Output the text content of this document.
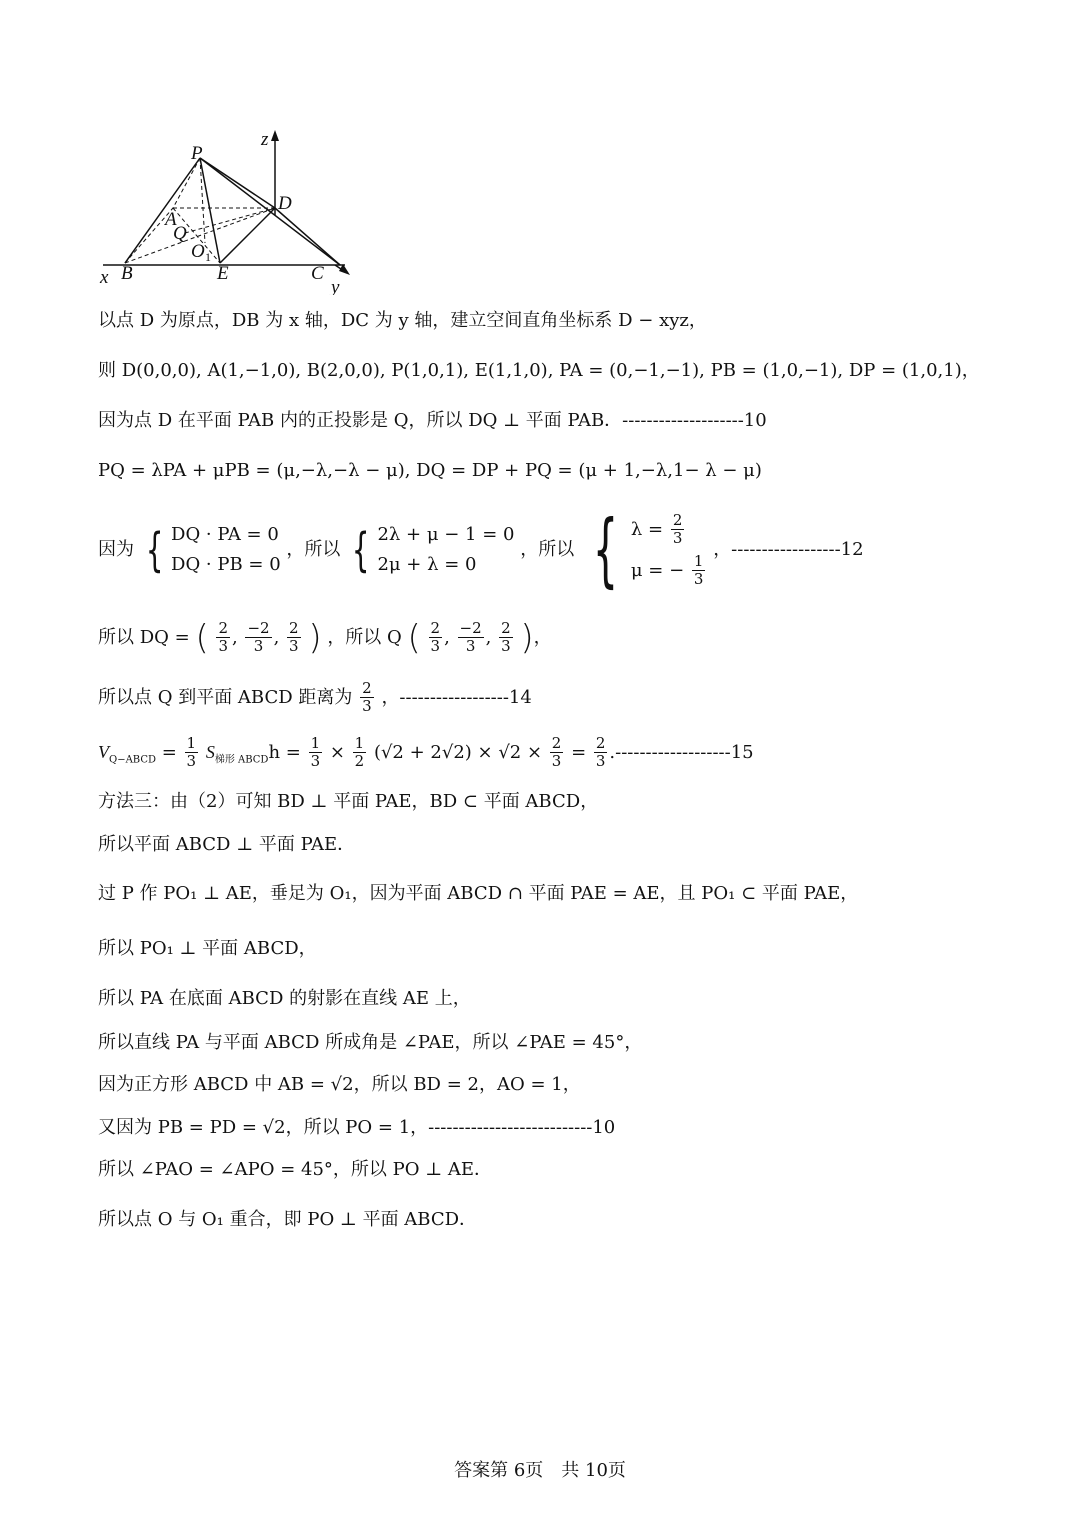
z
P
D
A
Q
O 1
x B	E	C
y
以点 D 为原点，DB 为 x 轴，DC 为 y 轴，建立空间直角坐标系 D − xyz，
则 D(0,0,0), A(1,−1,0), B(2,0,0), P(1,0,1), E(1,1,0), PA = (0,−1,−1), PB = (1,0,−1), DP = (1,0,1)，
因为点 D 在平面 PAB 内的正投影是 Q，所以 DQ ⊥ 平面 PAB．--------------------10
PQ = λPA + μPB = (μ,−λ,−λ − μ), DQ = DP + PQ = (μ + 1,−λ,1− λ − μ)
因为 { DQ · PA = 0
DQ · PB = 0
，所以 { 2λ + μ − 1 = 0
2μ + λ = 0
，所以 { $\lambda = \frac{2}{3}$
μ = − $\frac{1}{3}$
，------------------12
所以 DQ = ( $\frac{2}{3}$ , $\frac{-2}{3}$ , $\frac{2}{3}$ ) ，所以 Q ( $\frac{2}{3}$ , $\frac{-2}{3}$ , $\frac{2}{3}$ )，
所以点 Q 到平面 ABCD 距离为 $\frac{2}{3}$ ，------------------14
$V_{Q-ABCD} = \frac{1}{3} S_{梯形 ABCD}h = \frac{1}{3} \times \frac{1}{2} (√2 + 2√2) \times √2 \times \frac{2}{3} = \frac{2}{3} .-------------------15$
方法三：由（2）可知 BD ⊥ 平面 PAE，BD ⊂ 平面 ABCD，
所以平面 ABCD ⊥ 平面 PAE．
过 P 作 PO₁ ⊥ AE，垂足为 O₁，因为平面 ABCD ∩ 平面 PAE = AE，且 PO₁ ⊂ 平面 PAE，
所以 PO₁ ⊥ 平面 ABCD，
所以 PA 在底面 ABCD 的射影在直线 AE 上，
所以直线 PA 与平面 ABCD 所成角是 ∠PAE，所以 ∠PAE = 45°，
因为正方形 ABCD 中 AB = √2，所以 BD = 2，AO = 1，
又因为 PB = PD = √2，所以 PO = 1，---------------------------10
所以 ∠PAO = ∠APO = 45°，所以 PO ⊥ AE．
所以点 O 与 O₁ 重合，即 PO ⊥ 平面 ABCD．
答案第 6页　共 10页
